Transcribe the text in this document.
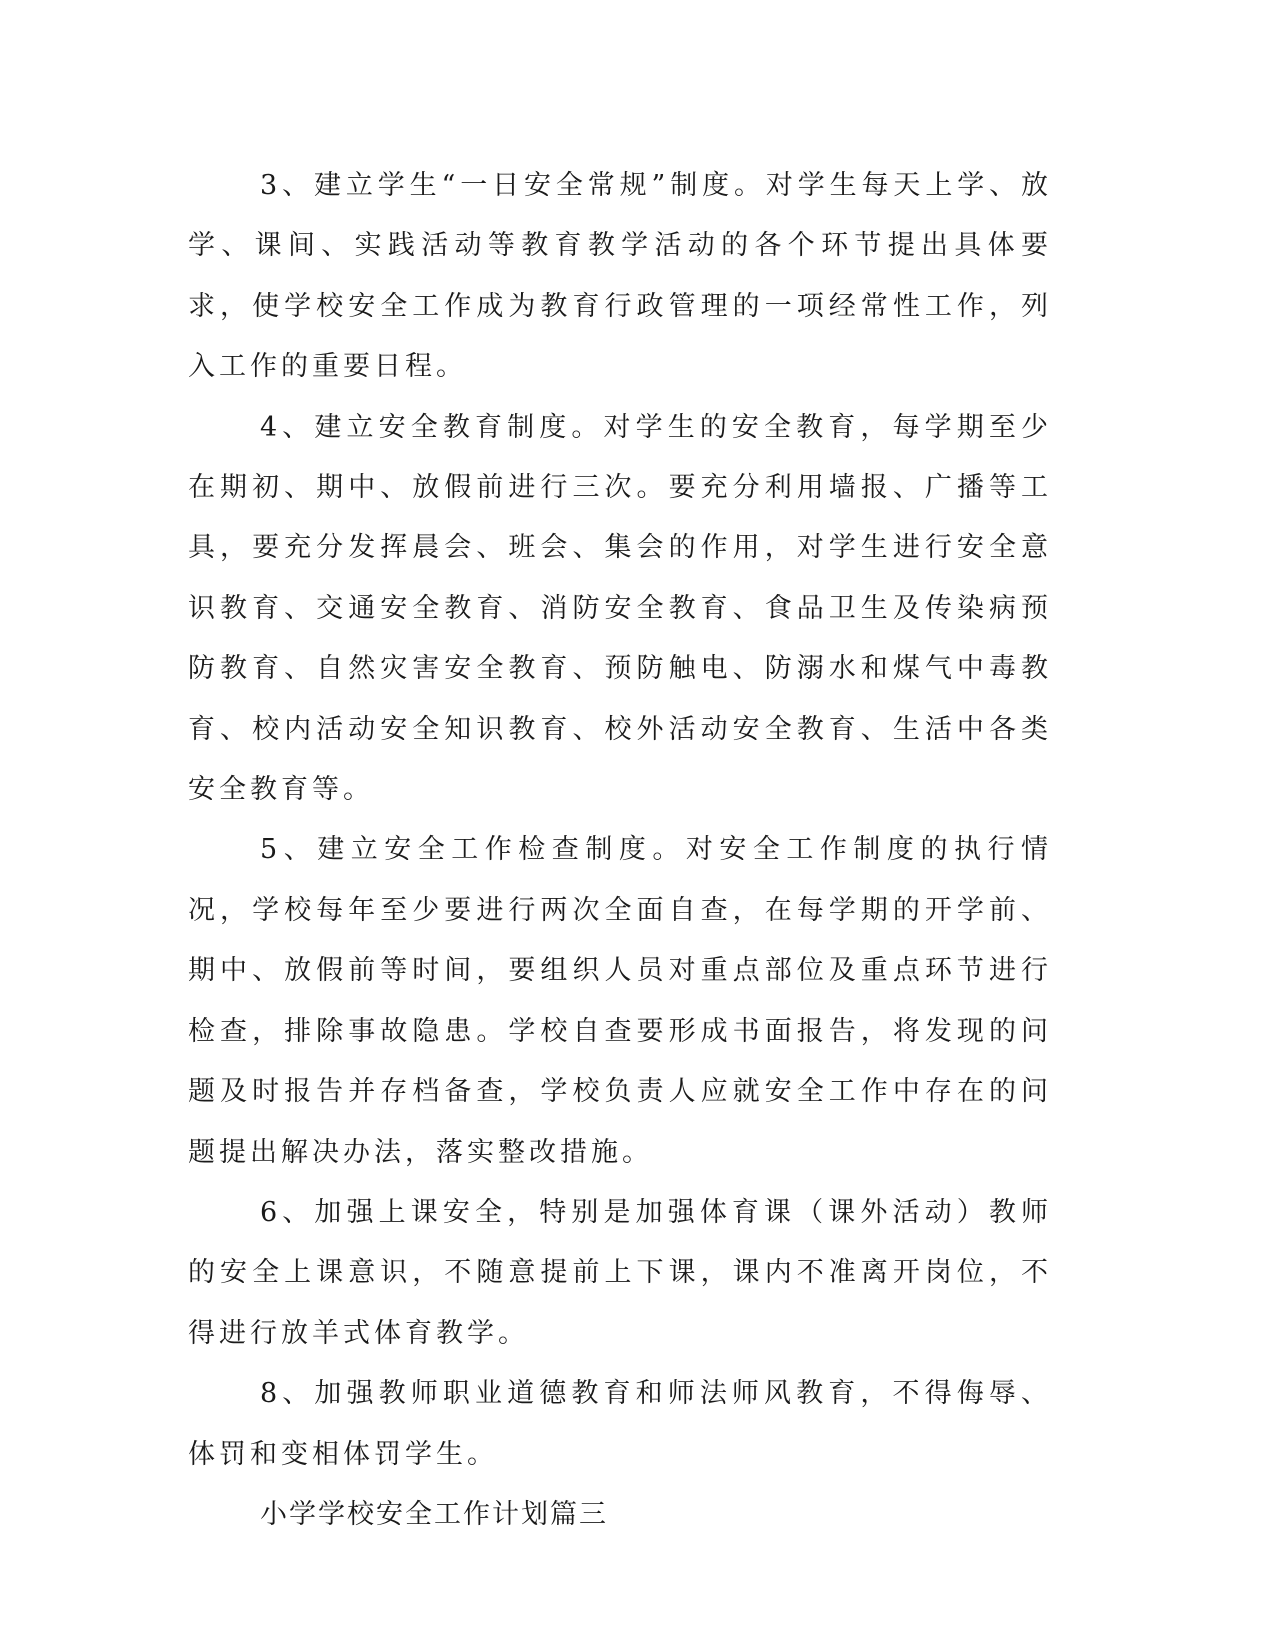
3、建立学生“一日安全常规”制度。对学生每天上学、放学、课间、实践活动等教育教学活动的各个环节提出具体要求，使学校安全工作成为教育行政管理的一项经常性工作，列入工作的重要日程。

4、建立安全教育制度。对学生的安全教育，每学期至少在期初、期中、放假前进行三次。要充分利用墙报、广播等工具，要充分发挥晨会、班会、集会的作用，对学生进行安全意识教育、交通安全教育、消防安全教育、食品卫生及传染病预防教育、自然灾害安全教育、预防触电、防溺水和煤气中毒教育、校内活动安全知识教育、校外活动安全教育、生活中各类安全教育等。

5、建立安全工作检查制度。对安全工作制度的执行情况，学校每年至少要进行两次全面自查，在每学期的开学前、期中、放假前等时间，要组织人员对重点部位及重点环节进行检查，排除事故隐患。学校自查要形成书面报告，将发现的问题及时报告并存档备查，学校负责人应就安全工作中存在的问题提出解决办法，落实整改措施。

6、加强上课安全，特别是加强体育课（课外活动）教师的安全上课意识，不随意提前上下课，课内不准离开岗位，不得进行放羊式体育教学。

8、加强教师职业道德教育和师法师风教育，不得侮辱、体罚和变相体罚学生。

小学学校安全工作计划篇三
